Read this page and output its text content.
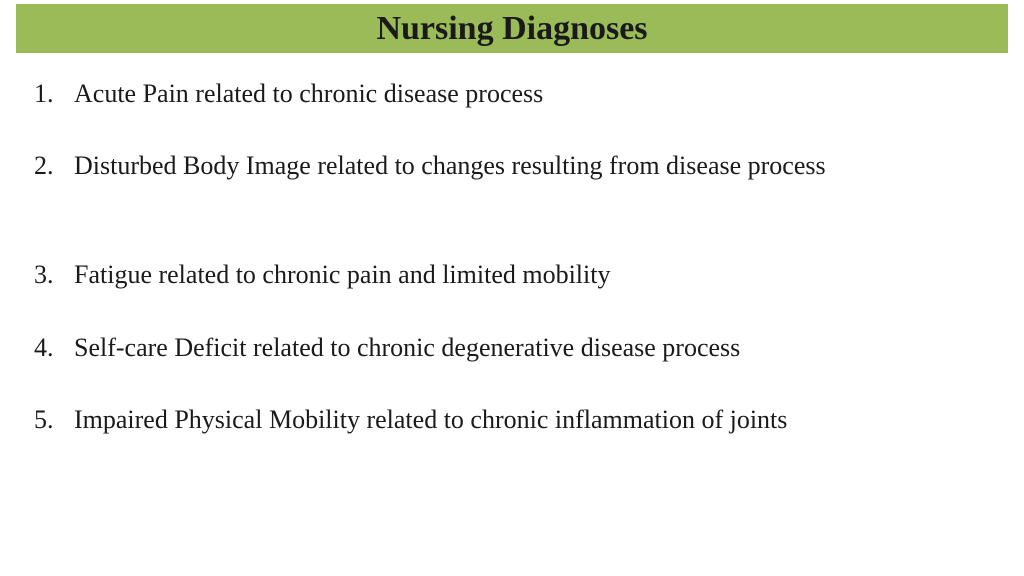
Nursing Diagnoses
1. Acute Pain related to chronic disease process
2. Disturbed Body Image related to changes resulting from disease process
3. Fatigue related to chronic pain and limited mobility
4. Self-care Deficit related to chronic degenerative disease process
5. Impaired Physical Mobility related to chronic inflammation of joints
